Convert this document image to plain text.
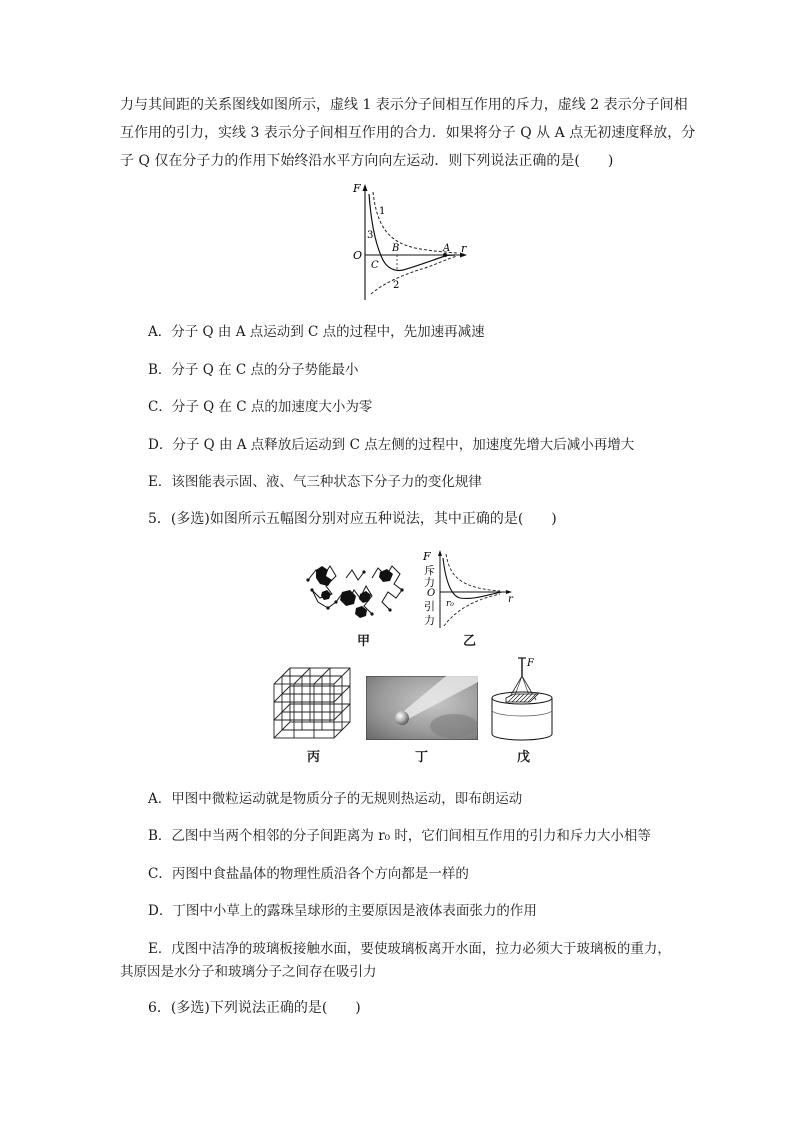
力与其间距的关系图线如图所示，虚线 1 表示分子间相互作用的斥力，虚线 2 表示分子间相
互作用的引力，实线 3 表示分子间相互作用的合力．如果将分子 Q 从 A 点无初速度释放，分
子 Q 仅在分子力的作用下始终沿水平方向向左运动．则下列说法正确的是(　　)
F
r
O
A
B
C
1
2
3
A．分子 Q 由 A 点运动到 C 点的过程中，先加速再减速
B．分子 Q 在 C 点的分子势能最小
C．分子 Q 在 C 点的加速度大小为零
D．分子 Q 由 A 点释放后运动到 C 点左侧的过程中，加速度先增大后减小再增大
E．该图能表示固、液、气三种状态下分子力的变化规律
5．(多选)如图所示五幅图分别对应五种说法，其中正确的是(　　)
甲
F
斥
力
O
引
力
r₀	r
乙
丙	丁
F
戊
A．甲图中微粒运动就是物质分子的无规则热运动，即布朗运动
B．乙图中当两个相邻的分子间距离为 r₀ 时，它们间相互作用的引力和斥力大小相等
C．丙图中食盐晶体的物理性质沿各个方向都是一样的
D．丁图中小草上的露珠呈球形的主要原因是液体表面张力的作用
E．戊图中洁净的玻璃板接触水面，要使玻璃板离开水面，拉力必须大于玻璃板的重力，
其原因是水分子和玻璃分子之间存在吸引力
6．(多选)下列说法正确的是(　　)
